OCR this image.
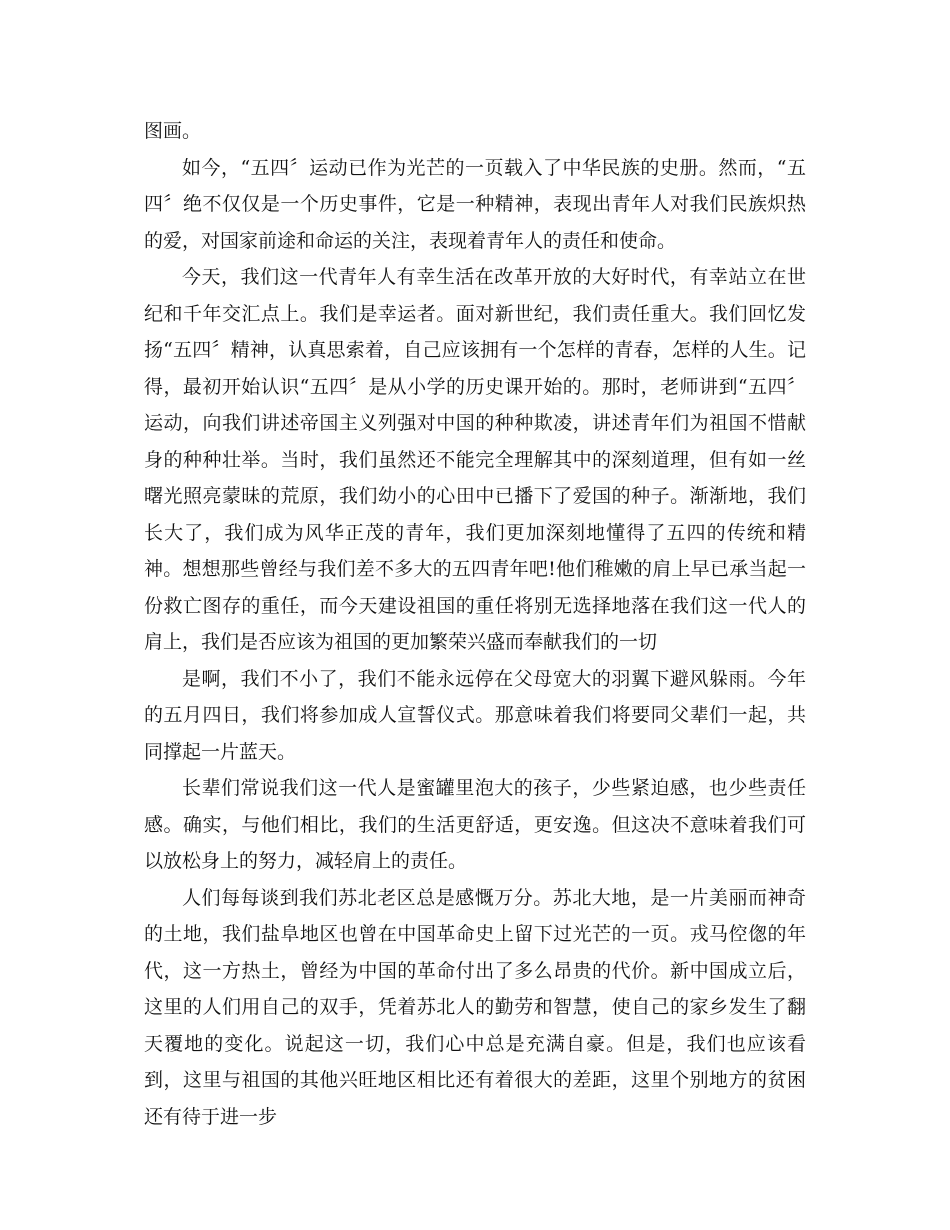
图画。

如今，“五四〞运动已作为光芒的一页载入了中华民族的史册。然而，“五四〞绝不仅仅是一个历史事件，它是一种精神，表现出青年人对我们民族炽热的爱，对国家前途和命运的关注，表现着青年人的责任和使命。

今天，我们这一代青年人有幸生活在改革开放的大好时代，有幸站立在世纪和千年交汇点上。我们是幸运者。面对新世纪，我们责任重大。我们回忆发扬“五四〞精神，认真思索着，自己应该拥有一个怎样的青春，怎样的人生。记得，最初开始认识“五四〞是从小学的历史课开始的。那时，老师讲到“五四〞运动，向我们讲述帝国主义列强对中国的种种欺凌，讲述青年们为祖国不惜献身的种种壮举。当时，我们虽然还不能完全理解其中的深刻道理，但有如一丝曙光照亮蒙昧的荒原，我们幼小的心田中已播下了爱国的种子。渐渐地，我们长大了，我们成为风华正茂的青年，我们更加深刻地懂得了五四的传统和精神。想想那些曾经与我们差不多大的五四青年吧!他们稚嫩的肩上早已承当起一份救亡图存的重任，而今天建设祖国的重任将别无选择地落在我们这一代人的肩上，我们是否应该为祖国的更加繁荣兴盛而奉献我们的一切

是啊，我们不小了，我们不能永远停在父母宽大的羽翼下避风躲雨。今年的五月四日，我们将参加成人宣誓仪式。那意味着我们将要同父辈们一起，共同撑起一片蓝天。

长辈们常说我们这一代人是蜜罐里泡大的孩子，少些紧迫感，也少些责任感。确实，与他们相比，我们的生活更舒适，更安逸。但这决不意味着我们可以放松身上的努力，减轻肩上的责任。

人们每每谈到我们苏北老区总是感慨万分。苏北大地，是一片美丽而神奇的土地，我们盐阜地区也曾在中国革命史上留下过光芒的一页。戎马倥偬的年代，这一方热土，曾经为中国的革命付出了多么昂贵的代价。新中国成立后，这里的人们用自己的双手，凭着苏北人的勤劳和智慧，使自己的家乡发生了翻天覆地的变化。说起这一切，我们心中总是充满自豪。但是，我们也应该看到，这里与祖国的其他兴旺地区相比还有着很大的差距，这里个别地方的贫困还有待于进一步
